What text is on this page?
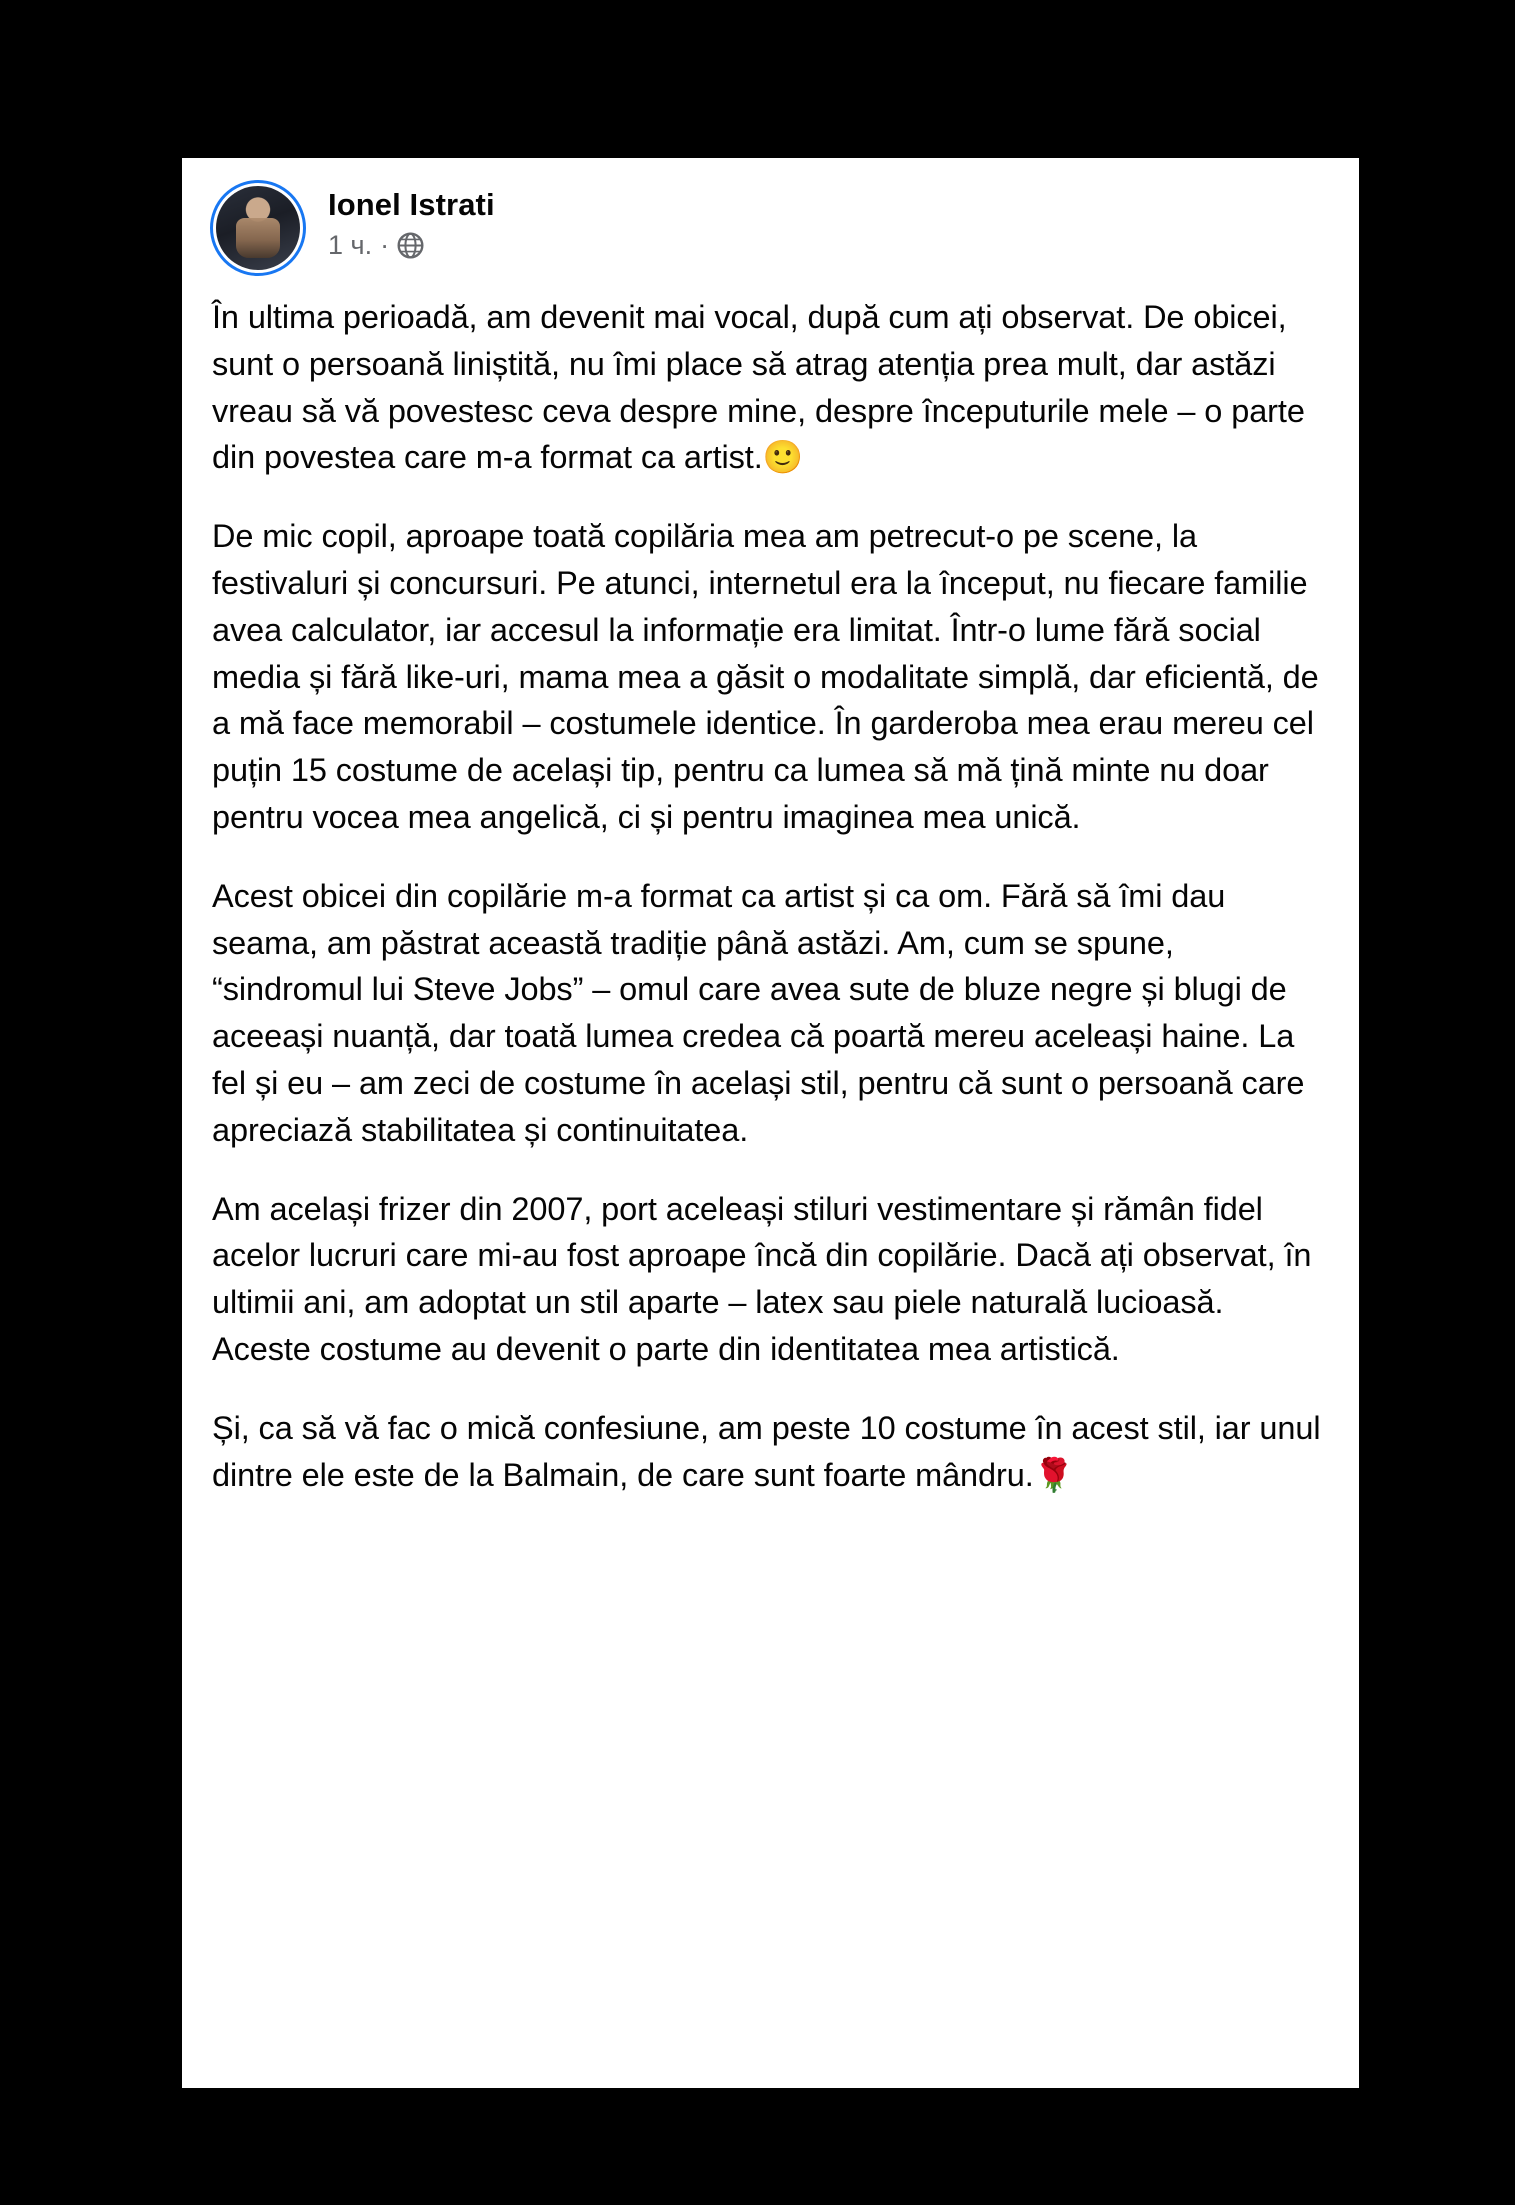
Ionel Istrati
1 ч. ·

În ultima perioadă, am devenit mai vocal, după cum ați observat. De obicei, sunt o persoană liniștită, nu îmi place să atrag atenția prea mult, dar astăzi vreau să vă povestesc ceva despre mine, despre începuturile mele – o parte din povestea care m-a format ca artist.🙂

De mic copil, aproape toată copilăria mea am petrecut-o pe scene, la festivaluri și concursuri. Pe atunci, internetul era la început, nu fiecare familie avea calculator, iar accesul la informație era limitat. Într-o lume fără social media și fără like-uri, mama mea a găsit o modalitate simplă, dar eficientă, de a mă face memorabil – costumele identice. În garderoba mea erau mereu cel puțin 15 costume de același tip, pentru ca lumea să mă țină minte nu doar pentru vocea mea angelică, ci și pentru imaginea mea unică.

Acest obicei din copilărie m-a format ca artist și ca om. Fără să îmi dau seama, am păstrat această tradiție până astăzi. Am, cum se spune, “sindromul lui Steve Jobs” – omul care avea sute de bluze negre și blugi de aceeași nuanță, dar toată lumea credea că poartă mereu aceleași haine. La fel și eu – am zeci de costume în același stil, pentru că sunt o persoană care apreciază stabilitatea și continuitatea.

Am același frizer din 2007, port aceleași stiluri vestimentare și rămân fidel acelor lucruri care mi-au fost aproape încă din copilărie. Dacă ați observat, în ultimii ani, am adoptat un stil aparte – latex sau piele naturală lucioasă. Aceste costume au devenit o parte din identitatea mea artistică.

Și, ca să vă fac o mică confesiune, am peste 10 costume în acest stil, iar unul dintre ele este de la Balmain, de care sunt foarte mândru.🌹
